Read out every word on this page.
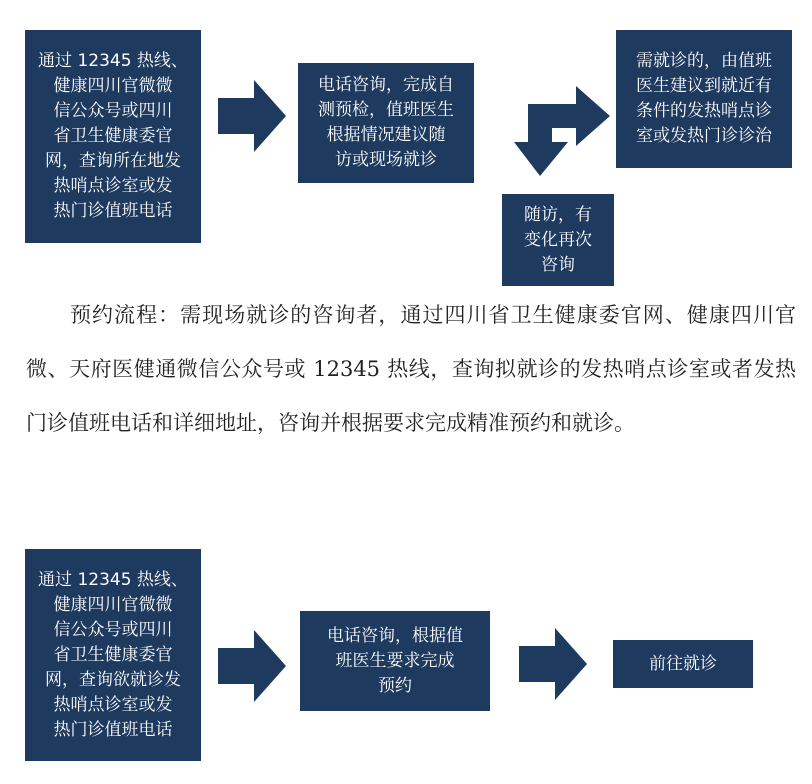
通过 12345 热线、
健康四川官微微
信公众号或四川
省卫生健康委官
网，查询所在地发
热哨点诊室或发
热门诊值班电话
电话咨询，完成自
测预检，值班医生
根据情况建议随
访或现场就诊
需就诊的，由值班
医生建议到就近有
条件的发热哨点诊
室或发热门诊诊治
随访，有
变化再次
咨询
预约流程：需现场就诊的咨询者，通过四川省卫生健康委官网、健康四川官微、天府医健通微信公众号或 12345 热线，查询拟就诊的发热哨点诊室或者发热门诊值班电话和详细地址，咨询并根据要求完成精准预约和就诊。
通过 12345 热线、
健康四川官微微
信公众号或四川
省卫生健康委官
网，查询欲就诊发
热哨点诊室或发
热门诊值班电话
电话咨询，根据值
班医生要求完成
预约
前往就诊
